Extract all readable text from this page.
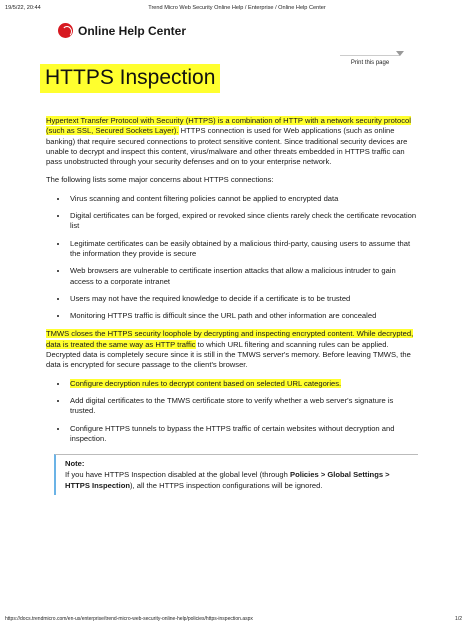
19/5/22, 20:44	Trend Micro Web Security Online Help / Enterprise / Online Help Center
Online Help Center
Print this page
HTTPS Inspection

Hypertext Transfer Protocol with Security (HTTPS) is a combination of HTTP with a network security protocol (such as SSL, Secured Sockets Layer). HTTPS connection is used for Web applications (such as online banking) that require secured connections to protect sensitive content. Since traditional security devices are unable to decrypt and inspect this content, virus/malware and other threats embedded in HTTPS traffic can pass unobstructed through your security defenses and on to your enterprise network.

The following lists some major concerns about HTTPS connections:

• Virus scanning and content filtering policies cannot be applied to encrypted data
• Digital certificates can be forged, expired or revoked since clients rarely check the certificate revocation list
• Legitimate certificates can be easily obtained by a malicious third-party, causing users to assume that the information they provide is secure
• Web browsers are vulnerable to certificate insertion attacks that allow a malicious intruder to gain access to a corporate intranet
• Users may not have the required knowledge to decide if a certificate is to be trusted
• Monitoring HTTPS traffic is difficult since the URL path and other information are concealed

TMWS closes the HTTPS security loophole by decrypting and inspecting encrypted content. While decrypted, data is treated the same way as HTTP traffic to which URL filtering and scanning rules can be applied. Decrypted data is completely secure since it is still in the TMWS server's memory. Before leaving TMWS, the data is encrypted for secure passage to the client's browser.

• Configure decryption rules to decrypt content based on selected URL categories.
• Add digital certificates to the TMWS certificate store to verify whether a web server's signature is trusted.
• Configure HTTPS tunnels to bypass the HTTPS traffic of certain websites without decryption and inspection.
Note:
If you have HTTPS Inspection disabled at the global level (through Policies > Global Settings > HTTPS Inspection), all the HTTPS inspection configurations will be ignored.
https://docs.trendmicro.com/en-us/enterprise/trend-micro-web-security-online-help/policies/https-inspection.aspx	1/2
